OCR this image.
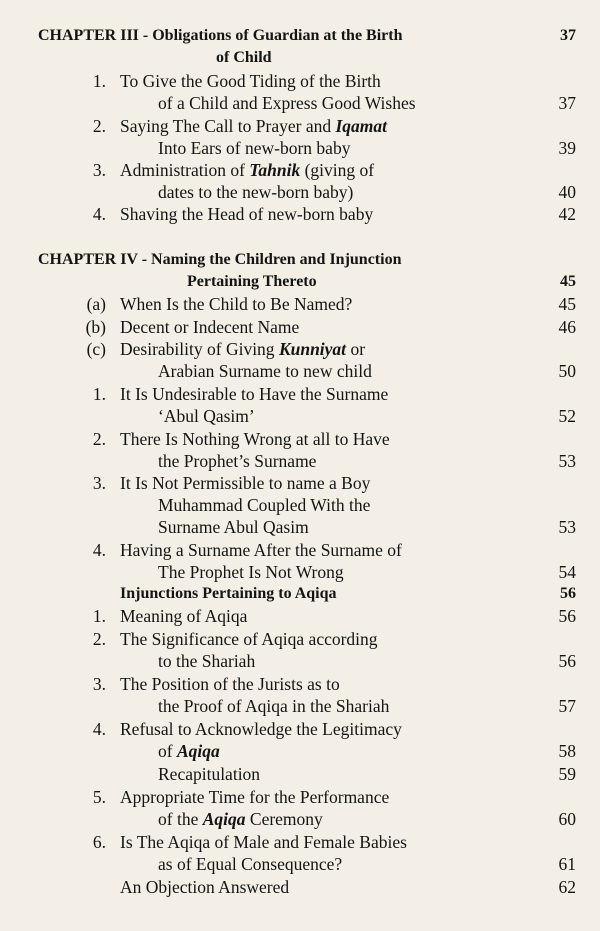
CHAPTER III - Obligations of Guardian at the Birth	37
of Child
1. To Give the Good Tiding of the Birth
of a Child and Express Good Wishes	37
2. Saying The Call to Prayer and Iqamat
Into Ears of new-born baby	39
3. Administration of Tahnik (giving of
dates to the new-born baby)	40
4. Shaving the Head of new-born baby	42
CHAPTER IV - Naming the Children and Injunction
Pertaining Thereto	45
(a) When Is the Child to Be Named?	45
(b) Decent or Indecent Name	46
(c) Desirability of Giving Kunniyat or
Arabian Surname to new child	50
1. It Is Undesirable to Have the Surname
‘Abul Qasim’	52
2. There Is Nothing Wrong at all to Have
the Prophet’s Surname	53
3. It Is Not Permissible to name a Boy
Muhammad Coupled With the
Surname Abul Qasim	53
4. Having a Surname After the Surname of
The Prophet Is Not Wrong	54
Injunctions Pertaining to Aqiqa	56
1. Meaning of Aqiqa	56
2. The Significance of Aqiqa according
to the Shariah	56
3. The Position of the Jurists as to
the Proof of Aqiqa in the Shariah	57
4. Refusal to Acknowledge the Legitimacy
of Aqiqa	58
Recapitulation	59
5. Appropriate Time for the Performance
of the Aqiqa Ceremony	60
6. Is The Aqiqa of Male and Female Babies
as of Equal Consequence?	61
An Objection Answered	62
